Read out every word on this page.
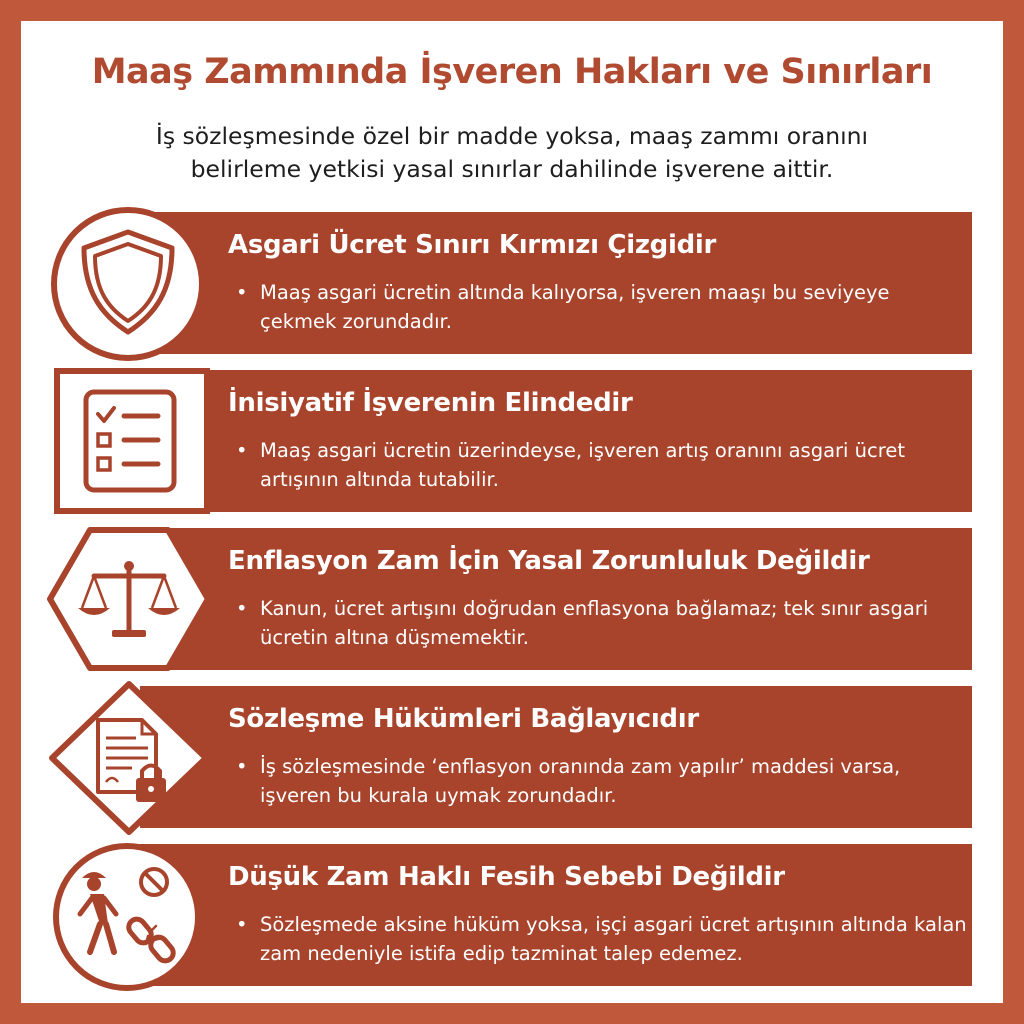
Maaş Zammında İşveren Hakları ve Sınırları
İş sözleşmesinde özel bir madde yoksa, maaş zammı oranını belirleme yetkisi yasal sınırlar dahilinde işverene aittir.
Asgari Ücret Sınırı Kırmızı Çizgidir
• Maaş asgari ücretin altında kalıyorsa, işveren maaşı bu seviyeye çekmek zorundadır.
İnisiyatif İşverenin Elindedir
• Maaş asgari ücretin üzerindeyse, işveren artış oranını asgari ücret artışının altında tutabilir.
Enflasyon Zam İçin Yasal Zorunluluk Değildir
• Kanun, ücret artışını doğrudan enflasyona bağlamaz; tek sınır asgari ücretin altına düşmemektir.
Sözleşme Hükümleri Bağlayıcıdır
• İş sözleşmesinde ‘enflasyon oranında zam yapılır’ maddesi varsa, işveren bu kurala uymak zorundadır.
Düşük Zam Haklı Fesih Sebebi Değildir
• Sözleşmede aksine hüküm yoksa, işçi asgari ücret artışının altında kalan zam nedeniyle istifa edip tazminat talep edemez.
